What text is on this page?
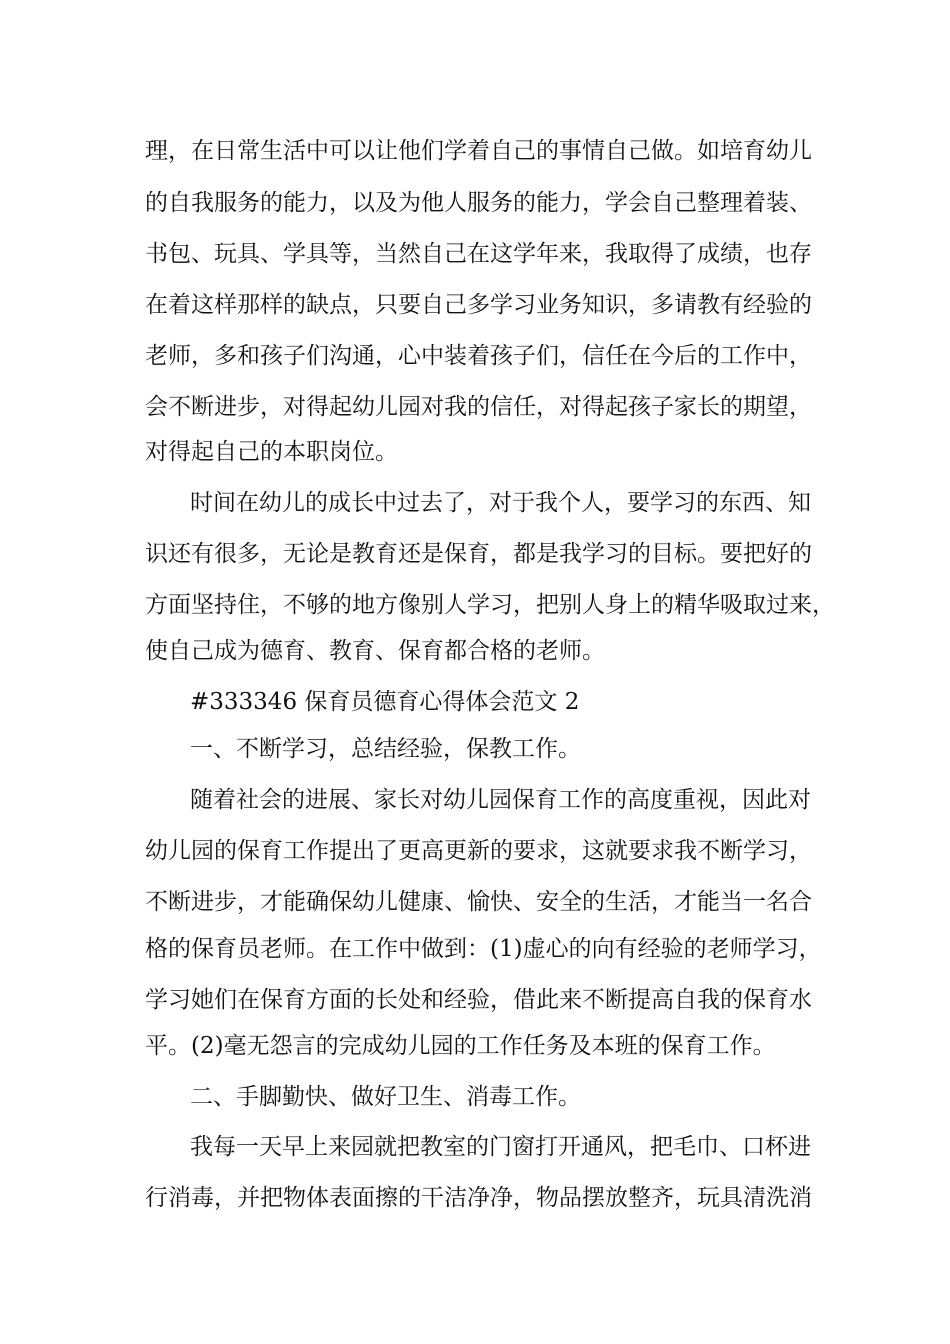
理，在日常生活中可以让他们学着自己的事情自己做。如培育幼儿
的自我服务的能力，以及为他人服务的能力，学会自己整理着装、
书包、玩具、学具等，当然自己在这学年来，我取得了成绩，也存
在着这样那样的缺点，只要自己多学习业务知识，多请教有经验的
老师，多和孩子们沟通，心中装着孩子们，信任在今后的工作中，
会不断进步，对得起幼儿园对我的信任，对得起孩子家长的期望，
对得起自己的本职岗位。
时间在幼儿的成长中过去了，对于我个人，要学习的东西、知
识还有很多，无论是教育还是保育，都是我学习的目标。要把好的
方面坚持住，不够的地方像别人学习，把别人身上的精华吸取过来，
使自己成为德育、教育、保育都合格的老师。
#333346 保育员德育心得体会范文 2
一、不断学习，总结经验，保教工作。
随着社会的进展、家长对幼儿园保育工作的高度重视，因此对
幼儿园的保育工作提出了更高更新的要求，这就要求我不断学习，
不断进步，才能确保幼儿健康、愉快、安全的生活，才能当一名合
格的保育员老师。在工作中做到：(1)虚心的向有经验的老师学习，
学习她们在保育方面的长处和经验，借此来不断提高自我的保育水
平。(2)毫无怨言的完成幼儿园的工作任务及本班的保育工作。
二、手脚勤快、做好卫生、消毒工作。
我每一天早上来园就把教室的门窗打开通风，把毛巾、口杯进
行消毒，并把物体表面擦的干洁净净，物品摆放整齐，玩具清洗消
